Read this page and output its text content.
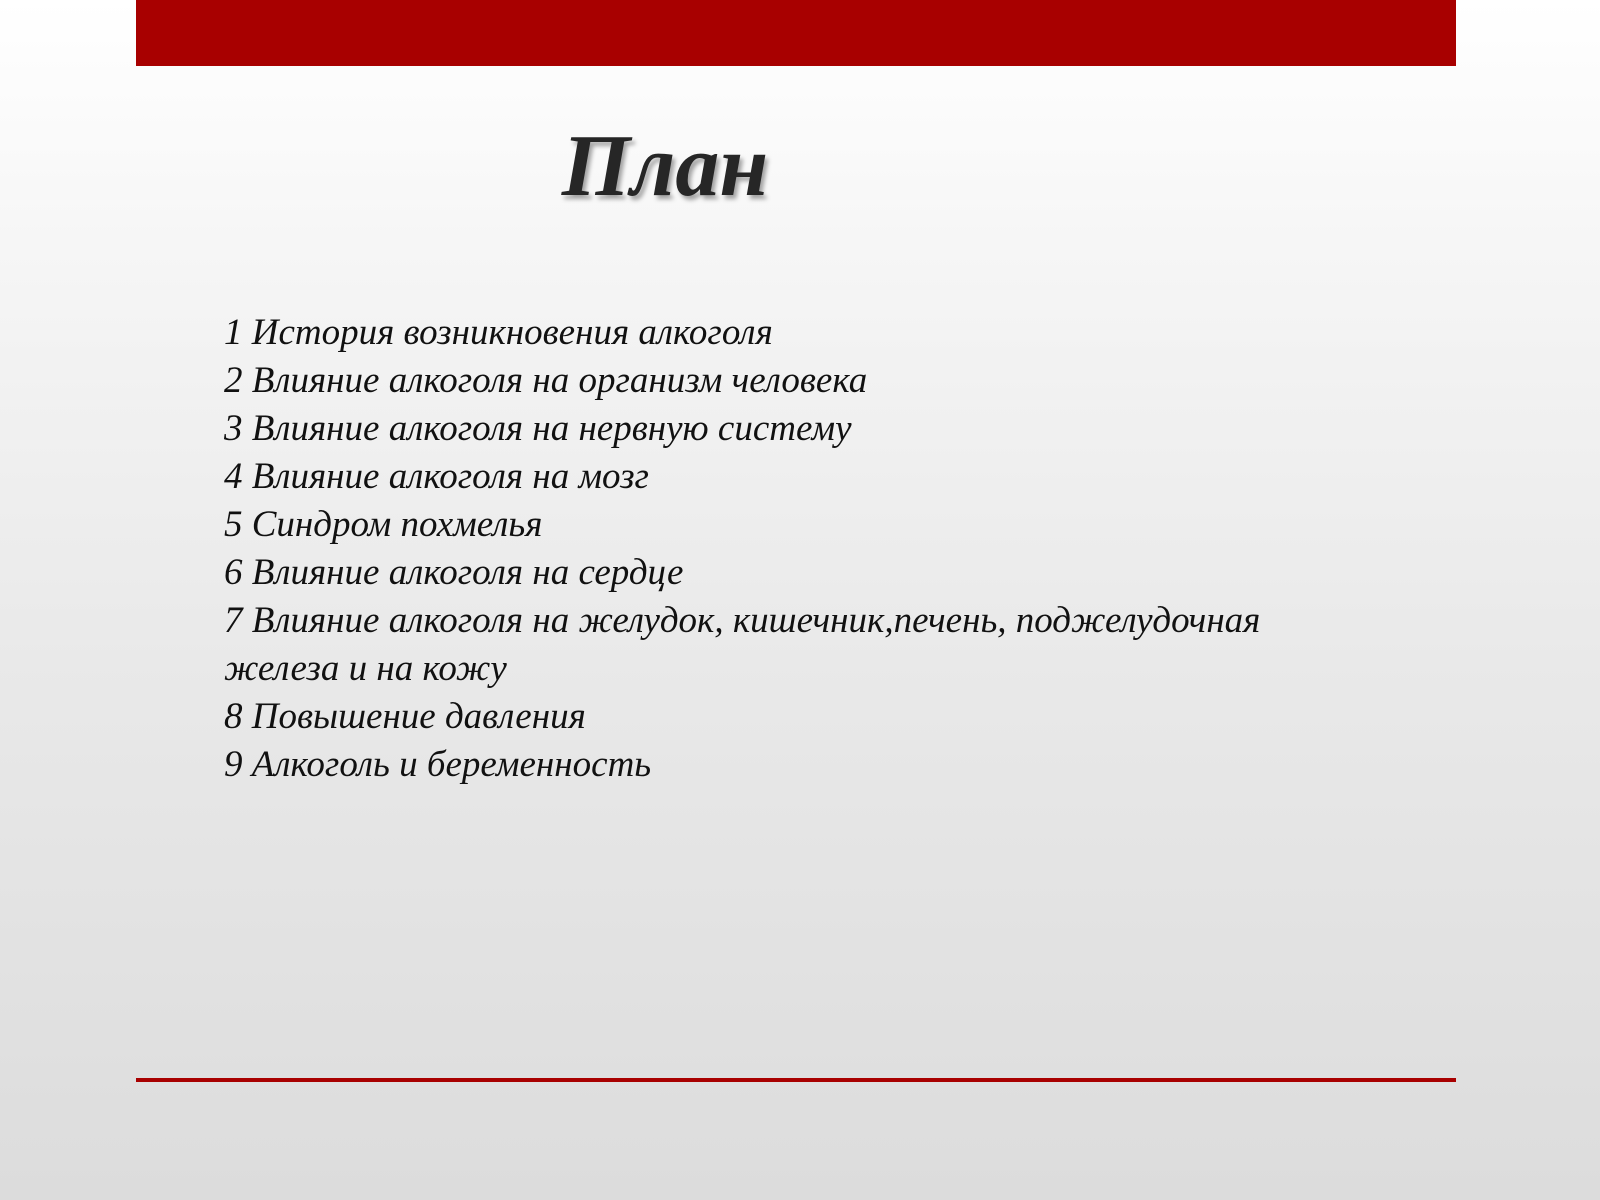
План
1 История возникновения алкоголя
2 Влияние алкоголя на организм человека
3 Влияние алкоголя на нервную систему
4 Влияние алкоголя на мозг
5 Синдром похмелья
6 Влияние алкоголя на сердце
7 Влияние алкоголя на желудок, кишечник,печень, поджелудочная железа и на кожу
8 Повышение давления
9 Алкоголь и беременность
